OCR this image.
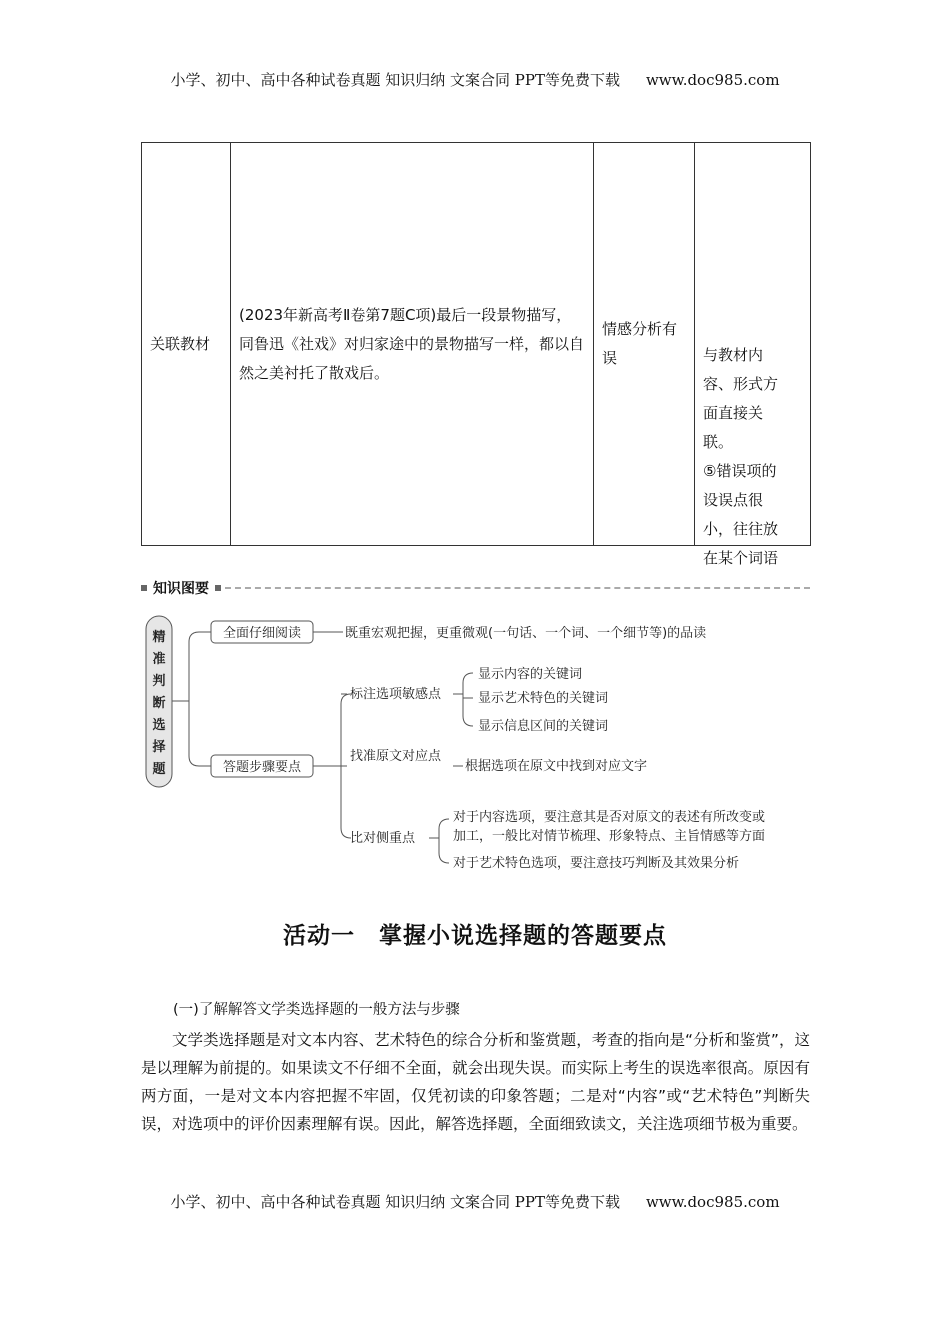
小学、初中、高中各种试卷真题 知识归纳 文案合同 PPT等免费下载 www.doc985.com
关联教材	(2023年新高考Ⅱ卷第7题C项)最后一段景物描写，同鲁迅《社戏》对归家途中的景物描写一样，都以自然之美衬托了散戏后。	情感分析有误		与教材内
容、形式方
面直接关
联。
⑤错误项的
设误点很
小，往往放
在某个词语
知识图要
精
准
判
断
选
择
题
全面仔细阅读	既重宏观把握，更重微观(一句话、一个词、一个细节等)的品读
答题步骤要点
标注选项敏感点
显示内容的关键词
显示艺术特色的关键词
显示信息区间的关键词
找准原文对应点
根据选项在原文中找到对应文字
比对侧重点
对于内容选项，要注意其是否对原文的表述有所改变或
加工，一般比对情节梳理、形象特点、主旨情感等方面
对于艺术特色选项，要注意技巧判断及其效果分析
活动一　掌握小说选择题的答题要点
(一)了解解答文学类选择题的一般方法与步骤

文学类选择题是对文本内容、艺术特色的综合分析和鉴赏题，考查的指向是“分析和鉴赏”，这是以理解为前提的。如果读文不仔细不全面，就会出现失误。而实际上考生的误选率很高。原因有两方面，一是对文本内容把握不牢固，仅凭初读的印象答题；二是对“内容”或“艺术特色”判断失误，对选项中的评价因素理解有误。因此，解答选择题，全面细致读文，关注选项细节极为重要。

小学、初中、高中各种试卷真题 知识归纳 文案合同 PPT等免费下载 www.doc985.com
